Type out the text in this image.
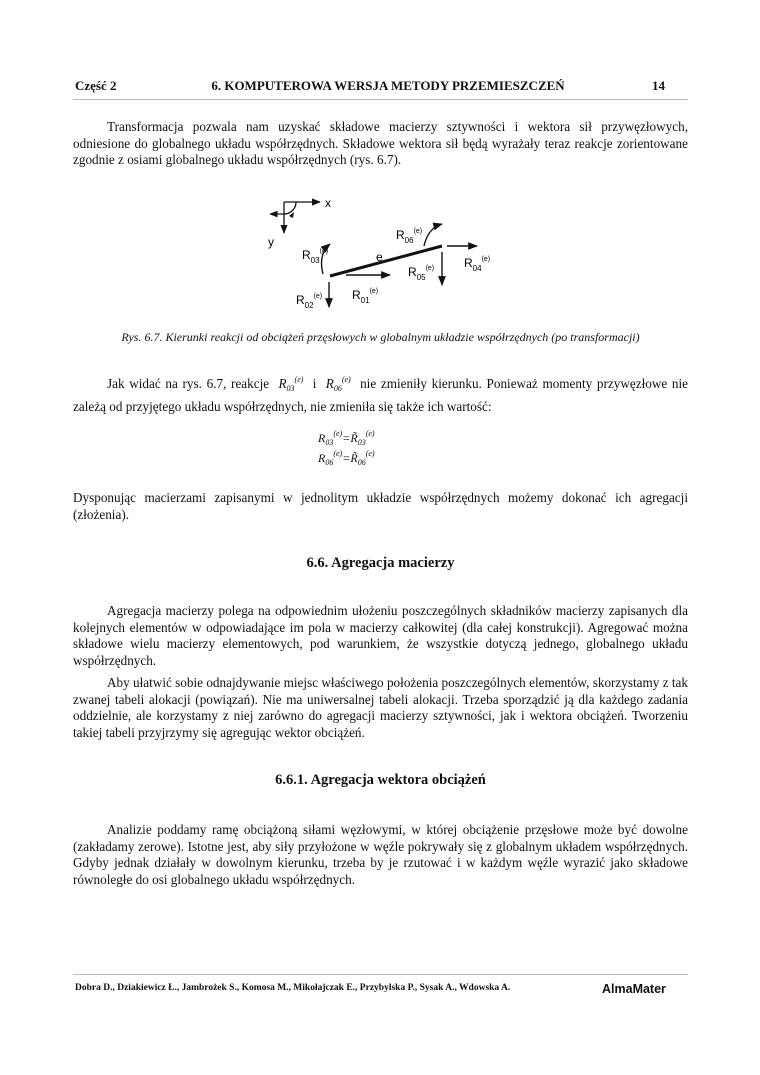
Część 2	6. KOMPUTEROWA WERSJA METODY PRZEMIESZCZEŃ	14

Transformacja pozwala nam uzyskać składowe macierzy sztywności i wektora sił przywęzłowych, odniesione do globalnego układu współrzędnych. Składowe wektora sił będą wyrażały teraz reakcje zorientowane zgodnie z osiami globalnego układu współrzędnych (rys. 6.7).

x
y
e
$R_{03}^{(e)}$
$R_{01}^{(e)}$
$R_{02}^{(e)}$
$R_{06}^{(e)}$
$R_{04}^{(e)}$
$R_{05}^{(e)}$
Rys. 6.7. Kierunki reakcji od obciążeń przęsłowych w globalnym układzie współrzędnych (po transformacji)

Jak widać na rys. 6.7, reakcje $R_{03}^{(e)}$ i $R_{06}^{(e)}$ nie zmieniły kierunku. Ponieważ momenty przywęzłowe nie zależą od przyjętego układu współrzędnych, nie zmieniła się także ich wartość:

$R_{03}^{(e)}=R̃_{03}^{(e)}$
$R_{06}^{(e)}=R̃_{06}^{(e)}$

Dysponując macierzami zapisanymi w jednolitym układzie współrzędnych możemy dokonać ich agregacji (złożenia).

6.6. Agregacja macierzy

Agregacja macierzy polega na odpowiednim ułożeniu poszczególnych składników macierzy zapisanych dla kolejnych elementów w odpowiadające im pola w macierzy całkowitej (dla całej konstrukcji). Agregować można składowe wielu macierzy elementowych, pod warunkiem, że wszystkie dotyczą jednego, globalnego układu współrzędnych.

Aby ułatwić sobie odnajdywanie miejsc właściwego położenia poszczególnych elementów, skorzystamy z tak zwanej tabeli alokacji (powiązań). Nie ma uniwersalnej tabeli alokacji. Trzeba sporządzić ją dla każdego zadania oddzielnie, ale korzystamy z niej zarówno do agregacji macierzy sztywności, jak i wektora obciążeń. Tworzeniu takiej tabeli przyjrzymy się agregując wektor obciążeń.

6.6.1. Agregacja wektora obciążeń

Analizie poddamy ramę obciążoną siłami węzłowymi, w której obciążenie przęsłowe może być dowolne (zakładamy zerowe). Istotne jest, aby siły przyłożone w węźle pokrywały się z globalnym układem współrzędnych. Gdyby jednak działały w dowolnym kierunku, trzeba by je rzutować i w każdym węźle wyrazić jako składowe równoległe do osi globalnego układu współrzędnych.

Dobra D., Dziakiewicz Ł., Jambrożek S., Komosa M., Mikołajczak E., Przybylska P., Sysak A., Wdowska A.	AlmaMater
